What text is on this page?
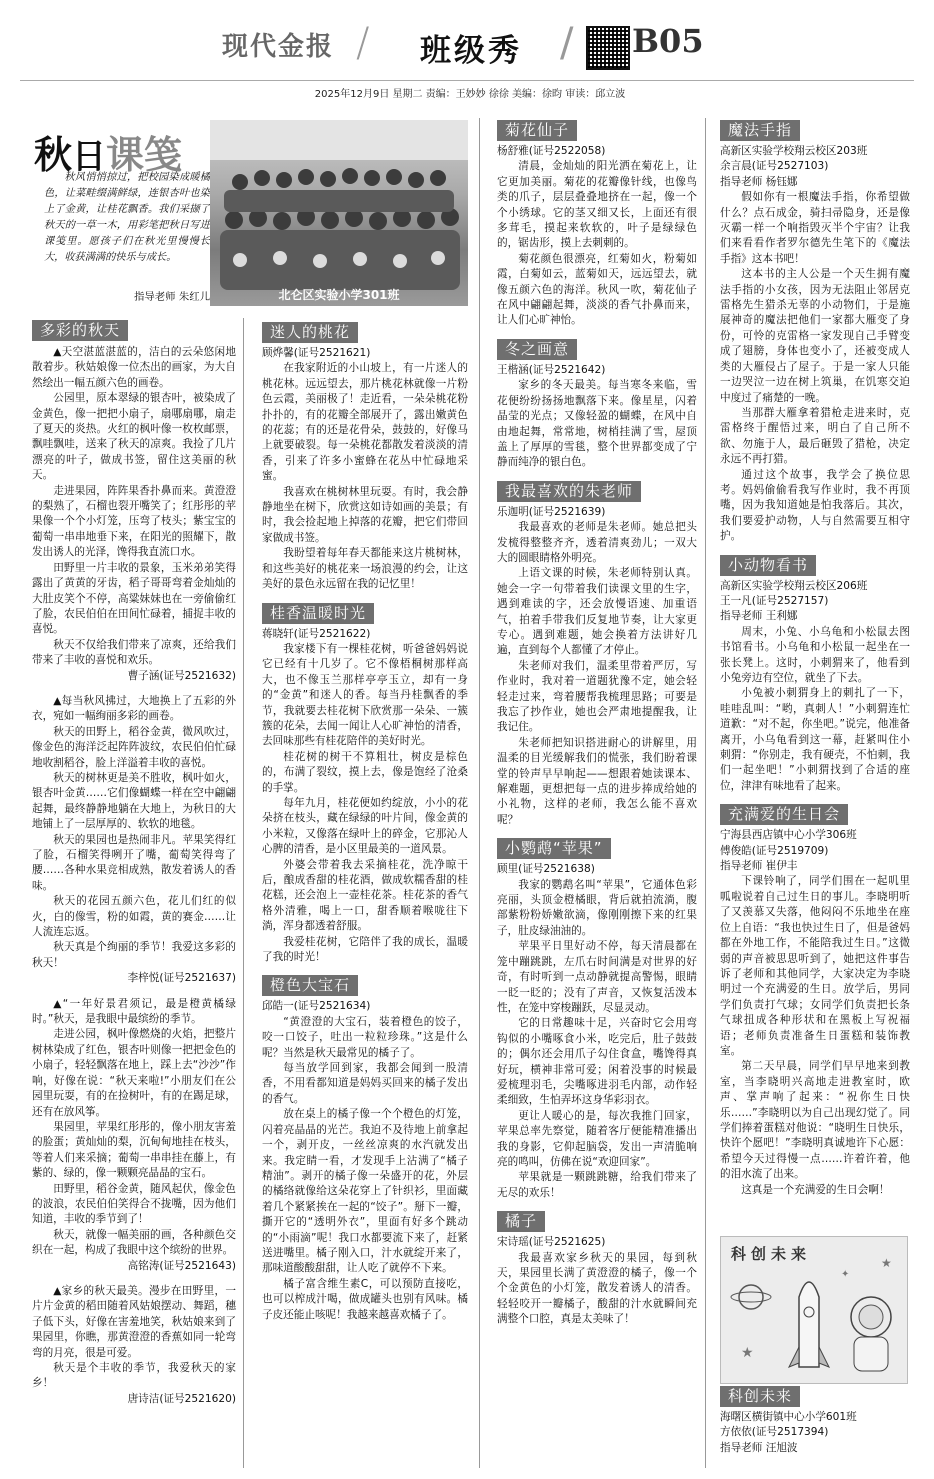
现代金报 / 班级秀 / B05
2025年12月9日 星期二 责编：王妙妙 徐徐 美编：徐昀 审读：邱立波
秋日课笺
秋风悄悄掠过，把校园染成暖橘色，让菜畦缀满鲜绿，连银杏叶也染上了金黄，让桂花飘香。我们采撷了秋天的一草一木，用彩笔把秋日写进课笺里。愿孩子们在秋光里慢慢长大，收获满满的快乐与成长。
指导老师 朱红儿	北仑区实验小学301班
多彩的秋天

▲天空湛蓝湛蓝的，洁白的云朵悠闲地散着步。秋姑娘像一位杰出的画家，为大自然绘出一幅五颜六色的画卷。

公园里，原本翠绿的银杏叶，被染成了金黄色，像一把把小扇子，扇哪扇哪，扇走了夏天的炎热。火红的枫叶像一枚枚邮票，飘哇飘哇，送来了秋天的凉爽。我捡了几片漂亮的叶子，做成书签，留住这美丽的秋天。

走进果园，阵阵果香扑鼻而来。黄澄澄的梨熟了，石榴也裂开嘴笑了；红彤彤的苹果像一个个小灯笼，压弯了枝头；紫宝宝的葡萄一串串地垂下来，在阳光的照耀下，散发出诱人的光泽，馋得我直流口水。

田野里一片丰收的景象，玉米弟弟笑得露出了黄黄的牙齿，稻子哥哥弯着金灿灿的大肚皮笑个不停，高粱妹妹也在一旁偷偷红了脸，农民伯伯在田间忙碌着，捕捉丰收的喜悦。

秋天不仅给我们带来了凉爽，还给我们带来了丰收的喜悦和欢乐。

曹子涵(证号2521632)

▲每当秋风拂过，大地换上了五彩的外衣，宛如一幅绚丽多彩的画卷。

秋天的田野上，稻谷金黄，微风吹过，像金色的海洋泛起阵阵波纹，农民伯伯忙碌地收割稻谷，脸上洋溢着丰收的喜悦。

秋天的树林更是美不胜收，枫叶如火，银杏叶金黄……它们像蝴蝶一样在空中翩翩起舞，最终静静地躺在大地上，为秋日的大地铺上了一层厚厚的、软软的地毯。

秋天的果园也是热闹非凡。苹果笑得红了脸，石榴笑得咧开了嘴，葡萄笑得弯了腰……各种水果竞相成熟，散发着诱人的香味。

秋天的花园五颜六色，花儿们红的似火，白的像雪，粉的如霞，黄的赛金……让人流连忘返。

秋天真是个绚丽的季节！我爱这多彩的秋天！

李梓悦(证号2521637)

▲“一年好景君须记，最是橙黄橘绿时。”秋天，是我眼中最缤纷的季节。

走进公园，枫叶像燃烧的火焰，把整片树林染成了红色，银杏叶则像一把把金色的小扇子，轻轻飘落在地上，踩上去“沙沙”作响，好像在说：“秋天来啦!”小朋友们在公园里玩耍，有的在捡树叶，有的在踢足球，还有在放风筝。

果园里，苹果红彤彤的，像小朋友害羞的脸蛋；黄灿灿的梨，沉甸甸地挂在枝头，等着人们来采摘；葡萄一串串挂在藤上，有紫的、绿的，像一颗颗亮晶晶的宝石。

田野里，稻谷金黄，随风起伏，像金色的波浪，农民伯伯笑得合不拢嘴，因为他们知道，丰收的季节到了！

秋天，就像一幅美丽的画，各种颜色交织在一起，构成了我眼中这个缤纷的世界。

高铭涛(证号2521643)

▲家乡的秋天最美。漫步在田野里，一片片金黄的稻田随着风姑娘摆动、舞蹈，穗子低下头，好像在害羞地笑，秋姑娘来到了果园里，你瞧，那黄澄澄的香蕉如同一轮弯弯的月亮，很是可爱。

秋天是个丰收的季节，我爱秋天的家乡！

唐诗洁(证号2521620)

迷人的桃花

顾烨馨(证号2521621)

在我家附近的小山坡上，有一片迷人的桃花林。远远望去，那片桃花林就像一片粉色云霞，美丽极了！走近看，一朵朵桃花粉扑扑的，有的花瓣全部展开了，露出嫩黄色的花蕊；有的还是花骨朵，鼓鼓的，好像马上就要破裂。每一朵桃花都散发着淡淡的清香，引来了许多小蜜蜂在花丛中忙碌地采蜜。

我喜欢在桃树林里玩耍。有时，我会静静地坐在树下，欣赏这如诗如画的美景；有时，我会捡起地上掉落的花瓣，把它们带回家做成书签。

我盼望着每年春天都能来这片桃树林，和这些美好的桃花来一场浪漫的约会，让这美好的景色永远留在我的记忆里！

桂香温暖时光

蒋晓轩(证号2521622)

我家楼下有一棵桂花树，听爸爸妈妈说它已经有十几岁了。它不像梧桐树那样高大，也不像玉兰那样亭亭玉立，却有一身的“金黄”和迷人的香。每当丹桂飘香的季节，我就要去桂花树下欣赏那一朵朵、一簇簇的花朵，去闻一闻让人心旷神怡的清香，去回味那些有桂花陪伴的美好时光。

桂花树的树干不算粗壮，树皮是棕色的，布满了裂纹，摸上去，像是饱经了沧桑的手掌。

每年九月，桂花便如约绽放，小小的花朵挤在枝头，藏在绿绿的叶片间，像金黄的小米粒，又像落在绿叶上的碎金，它那沁人心脾的清香，是小区里最美的一道风景。

外婆会带着我去采摘桂花，洗净晾干后，酿成香甜的桂花酒，做成软糯香甜的桂花糕，还会泡上一壶桂花茶。桂花茶的香气格外清雅，喝上一口，甜香顺着喉咙往下淌，浑身都透着舒服。

我爱桂花树，它陪伴了我的成长，温暖了我的时光！

橙色大宝石

邱皓一(证号2521634)

“黄澄澄的大宝石，装着橙色的饺子，咬一口饺子，吐出一粒粒珍珠。”这是什么呢？当然是秋天最常见的橘子了。

每当放学回到家，我都会闻到一股清香，不用看都知道是妈妈买回来的橘子发出的香气。

放在桌上的橘子像一个个橙色的灯笼，闪着亮晶晶的光芒。我迫不及待地上前拿起一个，剥开皮，一丝丝凉爽的水汽就发出来。我定睛一看，才发现手上沾满了“橘子精油”。剥开的橘子像一朵盛开的花，外层的橘络就像给这朵花穿上了针织衫，里面藏着几个紧紧挨在一起的“饺子”。掰下一瓣，撕开它的“透明外衣”，里面有好多个跳动的“小雨滴”呢！我口水都要流下来了，赶紧送进嘴里。橘子刚入口，汁水就绽开来了，那味道酸酸甜甜，让人吃了就停不下来。

橘子富含维生素C，可以预防直接吃，也可以榨成汁喝，做成罐头也别有风味。橘子皮还能止咳呢！我越来越喜欢橘子了。

菊花仙子

杨舒雅(证号2522058)

清晨，金灿灿的阳光洒在菊花上，让它更加美丽。菊花的花瓣像针线，也像鸟类的爪子，层层叠叠地挤在一起，像一个个小绣球。它的茎又细又长，上面还有很多茸毛，摸起来软软的，叶子是绿绿色的，锯齿形，摸上去刺刺的。

菊花颜色很漂亮，红菊如火，粉菊如霞，白菊如云，蓝菊如天，远远望去，就像五颜六色的海洋。秋风一吹，菊花仙子在风中翩翩起舞，淡淡的香气扑鼻而来，让人们心旷神怡。

冬之画意

王楷涵(证号2521642)

家乡的冬天最美。每当寒冬来临，雪花便纷纷扬扬地飘落下来。像星星，闪着晶莹的光点；又像轻盈的蝴蝶，在风中自由地起舞，常常地，树梢挂满了雪，屋顶盖上了厚厚的雪毯，整个世界都变成了宁静而纯净的银白色。

我最喜欢的朱老师

乐迦明(证号2521639)

我最喜欢的老师是朱老师。她总把头发梳得整整齐齐，透着清爽劲儿；一双大大的圆眼睛格外明亮。

上语文课的时候，朱老师特别认真。她会一字一句带着我们读课文里的生字，遇到难读的字，还会放慢语速、加重语气，拍着手带我们反复地节奏，让大家更专心。遇到难题，她会换着方法讲好几遍，直到每个人都懂了才停止。

朱老师对我们，温柔里带着严厉，写作业时，我对着一道题犹豫不定，她会轻轻走过来，弯着腰帮我梳理思路；可要是我忘了抄作业，她也会严肃地提醒我，让我记住。

朱老师把知识搭进耐心的讲解里，用温柔的目光缓解我们的慌张，我们盼着课堂的铃声早早响起——想跟着她读课本、解难题，更想把每一点的进步捧成给她的小礼物，这样的老师，我怎么能不喜欢呢？

小鹦鹉“苹果”

顾里(证号2521638)

我家的鹦鹉名叫“苹果”，它通体色彩亮丽，头顶金橙橘眼，背后就拍流淌，腹部紫粉粉娇嫩欲滴，像刚刚擦下来的红果子，肚皮绿油油的。

苹果平日里好动不停，每天清晨都在笼中蹦跳跳，左爪右时间满是对世界的好奇，有时听到一点动静就提高警惕，眼睛一眨一眨的；没有了声音，又恢复活泼本性，在笼中穿梭蹦跃，尽显灵动。

它的日常趣味十足，兴奋时它会用弯钩似的小嘴啄食小米，吃完后，肚子鼓鼓的；偶尔还会用爪子勾住食盒，嘴馋得真好玩，横神非常可爱；闲着没事的时候最爱梳理羽毛，尖嘴啄进羽毛内部，动作轻柔细致，生怕弄坏这身华彩羽衣。

更让人暖心的是，每次我推门回家，苹果总率先察觉，随着客厅便能精准播出我的身影，它仰起脑袋，发出一声清脆响亮的鸣叫，仿佛在说“欢迎回家”。

苹果就是一颗跳跳糖，给我们带来了无尽的欢乐！

橘子

宋诗瑶(证号2521625)

我最喜欢家乡秋天的果园，每到秋天，果园里长满了黄澄澄的橘子，像一个个金黄色的小灯笼，散发着诱人的清香。轻轻咬开一瓣橘子，酸甜的汁水就瞬间充满整个口腔，真是太美味了！

魔法手指

高新区实验学校翔云校区203班

余言晨(证号2527103)

指导老师 杨钰娜

假如你有一根魔法手指，你希望做什么？点石成金，骑扫帚隐身，还是像灭霸一样一个响指毁灭半个宇宙？让我们来看看作者罗尔德先生笔下的《魔法手指》这本书吧！

这本书的主人公是一个天生拥有魔法手指的小女孩，因为无法阻止邻居克雷格先生猎杀无辜的小动物们，于是施展神奇的魔法把他们一家都大雁变了身份，可怜的克雷格一家发现自己手臂变成了翅膀，身体也变小了，还被变成人类的大雁侵占了屋子。于是一家人只能一边哭泣一边在树上筑巢，在饥寒交迫中度过了痛楚的一晚。

当那群大雁拿着猎枪走进来时，克雷格终于醒悟过来，明白了自己所不欲、勿施于人，最后砸毁了猎枪，决定永远不再打猎。

通过这个故事，我学会了换位思考。妈妈偷偷看我写作业时，我不再顶嘴，因为我知道她是怕我落后。其次，我们要爱护动物，人与自然需要互相守护。

小动物看书

高新区实验学校翔云校区206班

王一凡(证号2527157)

指导老师 王利娜

周末，小兔、小乌龟和小松鼠去图书馆看书。小乌龟和小松鼠一起坐在一张长凳上。这时，小刺猬来了，他看到小兔旁边有空位，就坐了下去。

小兔被小刺猬身上的刺扎了一下，哇哇乱叫：“哟，真刺人！”小刺猬连忙道歉：“对不起，你坐吧。”说完，他准备离开，小乌龟看到这一幕，赶紧叫住小刺猬：“你别走，我有硬壳，不怕刺，我们一起坐吧！”小刺猬找到了合适的座位，津津有味地看了起来。

充满爱的生日会

宁海县西店镇中心小学306班

傅俊皓(证号2519709)

指导老师 崔伊丰

下课铃响了，同学们围在一起叽里呱啦说着自己过生日的事儿。李晓明听了又羡慕又失落，他闷闷不乐地坐在座位上自语：“我也快过生日了，但是爸妈都在外地工作，不能陪我过生日。”这微弱的声音被思思听到了，她把这件事告诉了老师和其他同学，大家决定为李晓明过一个充满爱的生日。放学后，男同学们负责打气球；女同学们负责把长条气球扭成各种形状和在黑板上写祝福语；老师负责准备生日蛋糕和装饰教室。

第二天早晨，同学们早早地来到教室，当李晓明兴高地走进教室时，欧声、掌声响了起来：“祝你生日快乐……”李晓明以为自己出现幻觉了。同学们捧着蛋糕对他说：“晓明生日快乐，快许个愿吧！”李晓明真诚地许下心愿：希望今天过得慢一点……许着许着，他的泪水流了出来。

这真是一个充满爱的生日会啊！

科创未来
★
★
✦
科创未来

海曙区横街镇中心小学601班

方依依(证号2517394)

指导老师 汪旭波
